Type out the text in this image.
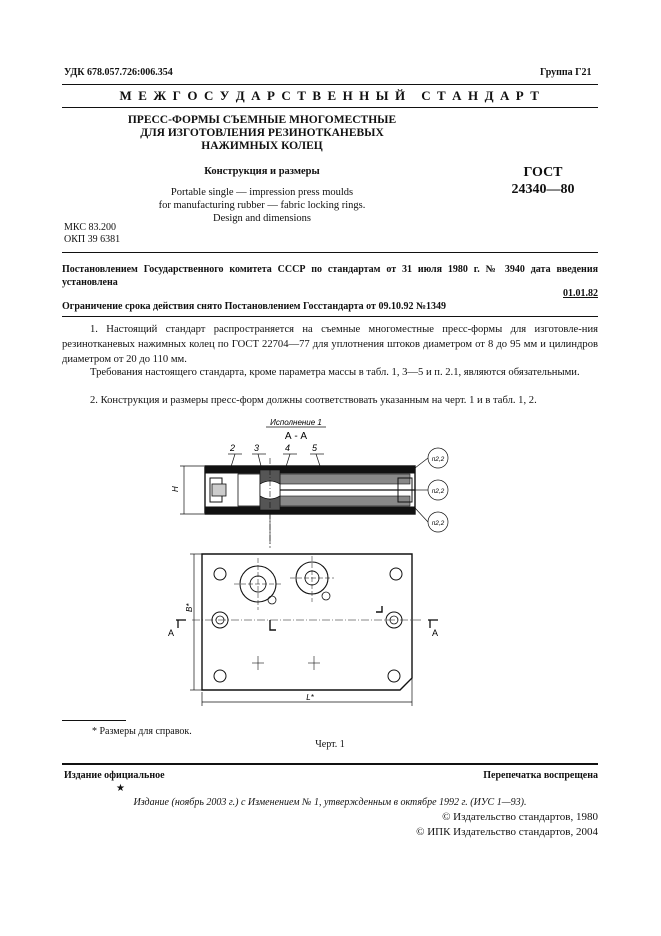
УДК 678.057.726:006.354	Группа Г21
М Е Ж Г О С У Д А Р С Т В Е Н Н Ы Й   С Т А Н Д А Р Т
ПРЕСС-ФОРМЫ СЪЕМНЫЕ МНОГОМЕСТНЫЕ
ДЛЯ ИЗГОТОВЛЕНИЯ РЕЗИНОТКАНЕВЫХ
НАЖИМНЫХ КОЛЕЦ
Конструкция и размеры
Portable single — impression press moulds
for manufacturing rubber — fabric locking rings.
Design and dimensions
ГОСТ
24340—80
МКС 83.200
ОКП 39 6381
Постановлением Государственного комитета СССР по стандартам от 31 июля 1980 г. № 3940 дата введения установлена
01.01.82
Ограничение срока действия снято Постановлением Госстандарта от 09.10.92 №1349
1. Настоящий стандарт распространяется на съемные многоместные пресс-формы для изготовле-ния резинотканевых нажимных колец по ГОСТ 22704—77 для уплотнения штоков диаметром от 8 до 95 мм и цилиндров диаметром от 20 до 110 мм.
Требования настоящего стандарта, кроме параметра массы в табл. 1, 3—5 и п. 2.1, являются обязательными.
2. Конструкция и размеры пресс-форм должны соответствовать указанным на черт. 1 и в табл. 1, 2.
Исполнение 1
А - А
2 3	4 5
Н
п2,2
п2,2
п2,2
А	А
В*
L*
* Размеры для справок.
Черт. 1
Издание официальное	Перепечатка воспрещена
★
Издание (ноябрь 2003 г.) с Изменением № 1, утвержденным в октябре 1992 г. (ИУС 1—93).
© Издательство стандартов, 1980
© ИПК Издательство стандартов, 2004
